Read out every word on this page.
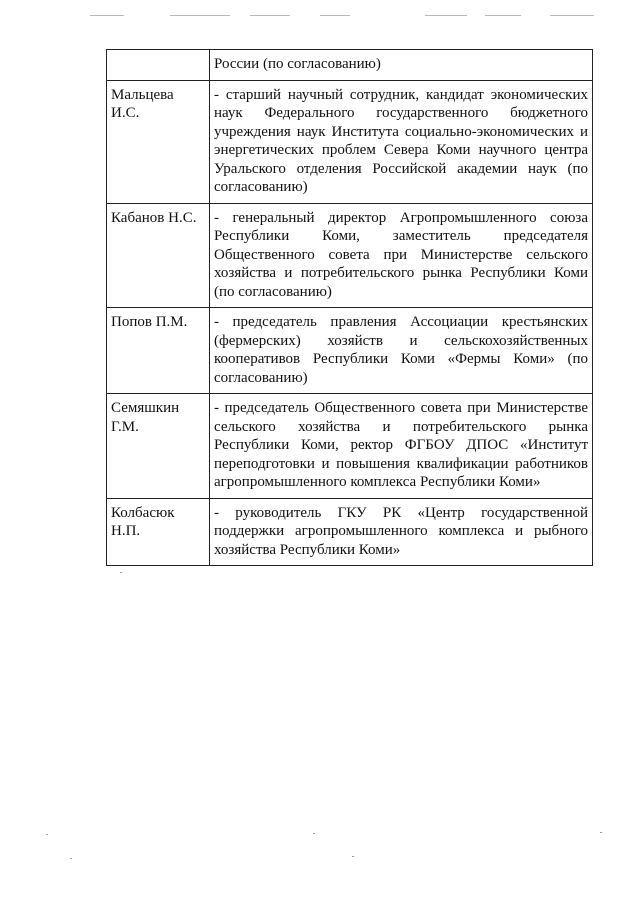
	России (по согласованию)
Мальцева И.С.	- старший научный сотрудник, кандидат экономических наук Федерального государственного бюджетного учреждения наук Института социально-экономических и энергетических проблем Севера Коми научного центра Уральского отделения Российской академии наук (по согласованию)
Кабанов Н.С.	- генеральный директор Агропромышленного союза Республики Коми, заместитель председателя Общественного совета при Министерстве сельского хозяйства и потребительского рынка Республики Коми (по согласованию)
Попов П.М.	- председатель правления Ассоциации крестьянских (фермерских) хозяйств и сельскохозяйственных кооперативов Республики Коми «Фермы Коми» (по согласованию)
Семяшкин Г.М.	- председатель Общественного совета при Министерстве сельского хозяйства и потребительского рынка Республики Коми, ректор ФГБОУ ДПОС «Институт переподготовки и повышения квалификации работников агропромышленного комплекса Республики Коми»
Колбасюк Н.П.	- руководитель ГКУ РК «Центр государственной поддержки агропромышленного комплекса и рыбного хозяйства Республики Коми»
